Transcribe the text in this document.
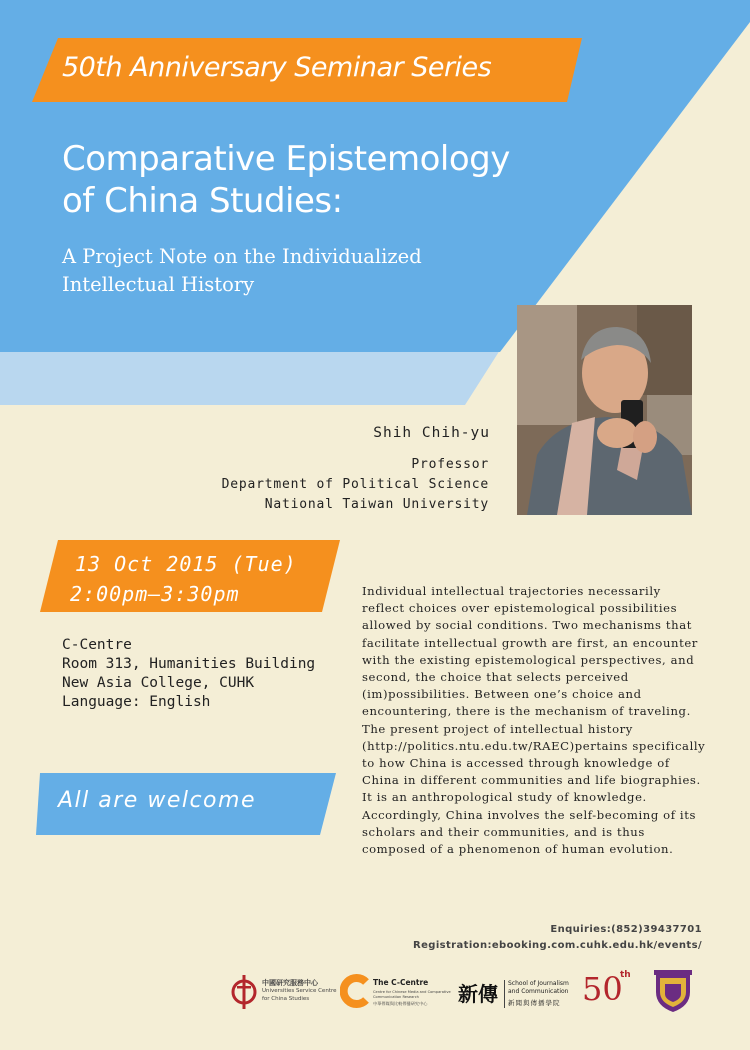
50th Anniversary Seminar Series
Comparative Epistemology
of China Studies:
A Project Note on the Individualized
Intellectual History
Shih Chih-yu
Professor
Department of Political Science
National Taiwan University
13 Oct 2015 (Tue)
2:00pm–3:30pm
C-Centre
Room 313, Humanities Building
New Asia College, CUHK
Language: English
All are welcome
Individual intellectual trajectories necessarily reflect choices over epistemological possibilities allowed by social conditions. Two mechanisms that facilitate intellectual growth are first, an encounter with the existing epistemological perspectives, and second, the choice that selects perceived (im)possibilities. Between one’s choice and encountering, there is the mechanism of traveling. The present project of intellectual history (http://politics.ntu.edu.tw/RAEC)pertains specifically to how China is accessed through knowledge of China in different communities and life biographies. It is an anthropological study of knowledge. Accordingly, China involves the self-becoming of its scholars and their communities, and is thus composed of a phenomenon of human evolution.
Enquiries:(852)39437701
Registration:ebooking.com.cuhk.edu.hk/events/
中國研究服務中心
Universities Service Centre
for China Studies
The C-Centre
Centre for Chinese Media and Comparative Communication Research
中華傳媒與比較傳播研究中心 新傳 School of Journalism
and Communication
新聞與傳播學院 50
th
